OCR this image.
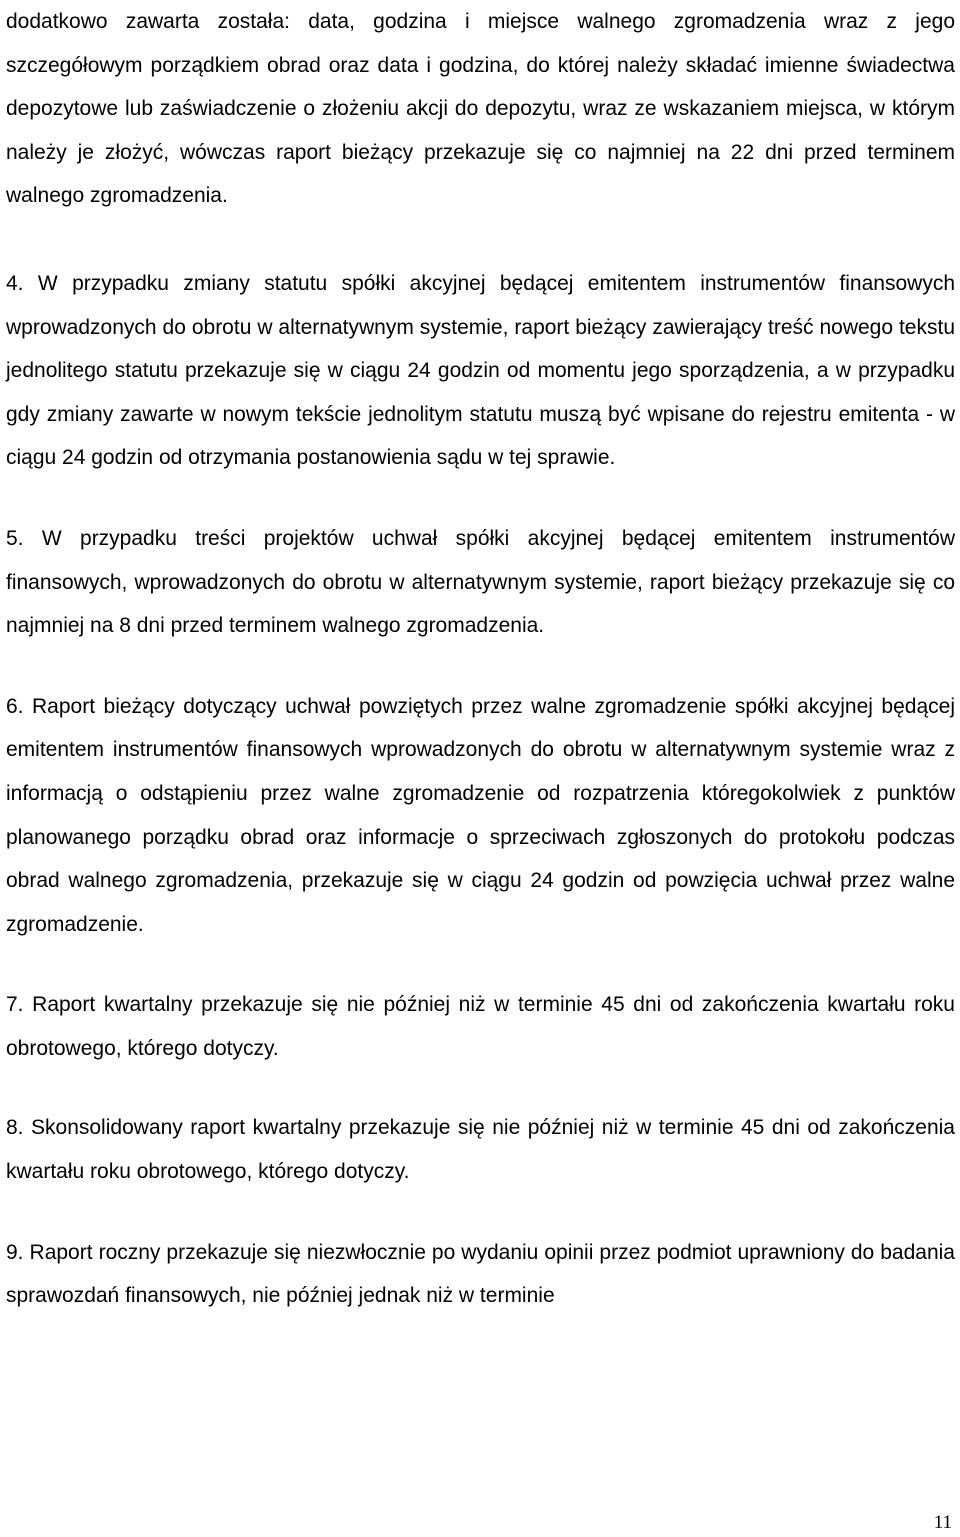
dodatkowo zawarta została: data, godzina i miejsce walnego zgromadzenia wraz z jego szczegółowym porządkiem obrad oraz data i godzina, do której należy składać imienne świadectwa depozytowe lub zaświadczenie o złożeniu akcji do depozytu, wraz ze wskazaniem miejsca, w którym należy je złożyć, wówczas raport bieżący przekazuje się co najmniej na 22 dni przed terminem walnego zgromadzenia.

4. W przypadku zmiany statutu spółki akcyjnej będącej emitentem instrumentów finansowych wprowadzonych do obrotu w alternatywnym systemie, raport bieżący zawierający treść nowego tekstu jednolitego statutu przekazuje się w ciągu 24 godzin od momentu jego sporządzenia, a w przypadku gdy zmiany zawarte w nowym tekście jednolitym statutu muszą być wpisane do rejestru emitenta - w ciągu 24 godzin od otrzymania postanowienia sądu w tej sprawie.

5. W przypadku treści projektów uchwał spółki akcyjnej będącej emitentem instrumentów finansowych, wprowadzonych do obrotu w alternatywnym systemie, raport bieżący przekazuje się co najmniej na 8 dni przed terminem walnego zgromadzenia.

6. Raport bieżący dotyczący uchwał powziętych przez walne zgromadzenie spółki akcyjnej będącej emitentem instrumentów finansowych wprowadzonych do obrotu w alternatywnym systemie wraz z informacją o odstąpieniu przez walne zgromadzenie od rozpatrzenia któregokolwiek z punktów planowanego porządku obrad oraz informacje o sprzeciwach zgłoszonych do protokołu podczas obrad walnego zgromadzenia, przekazuje się w ciągu 24 godzin od powzięcia uchwał przez walne zgromadzenie.

7. Raport kwartalny przekazuje się nie później niż w terminie 45 dni od zakończenia kwartału roku obrotowego, którego dotyczy.

8. Skonsolidowany raport kwartalny przekazuje się nie później niż w terminie 45 dni od zakończenia kwartału roku obrotowego, którego dotyczy.

9. Raport roczny przekazuje się niezwłocznie po wydaniu opinii przez podmiot uprawniony do badania sprawozdań finansowych, nie później jednak niż w terminie

11
